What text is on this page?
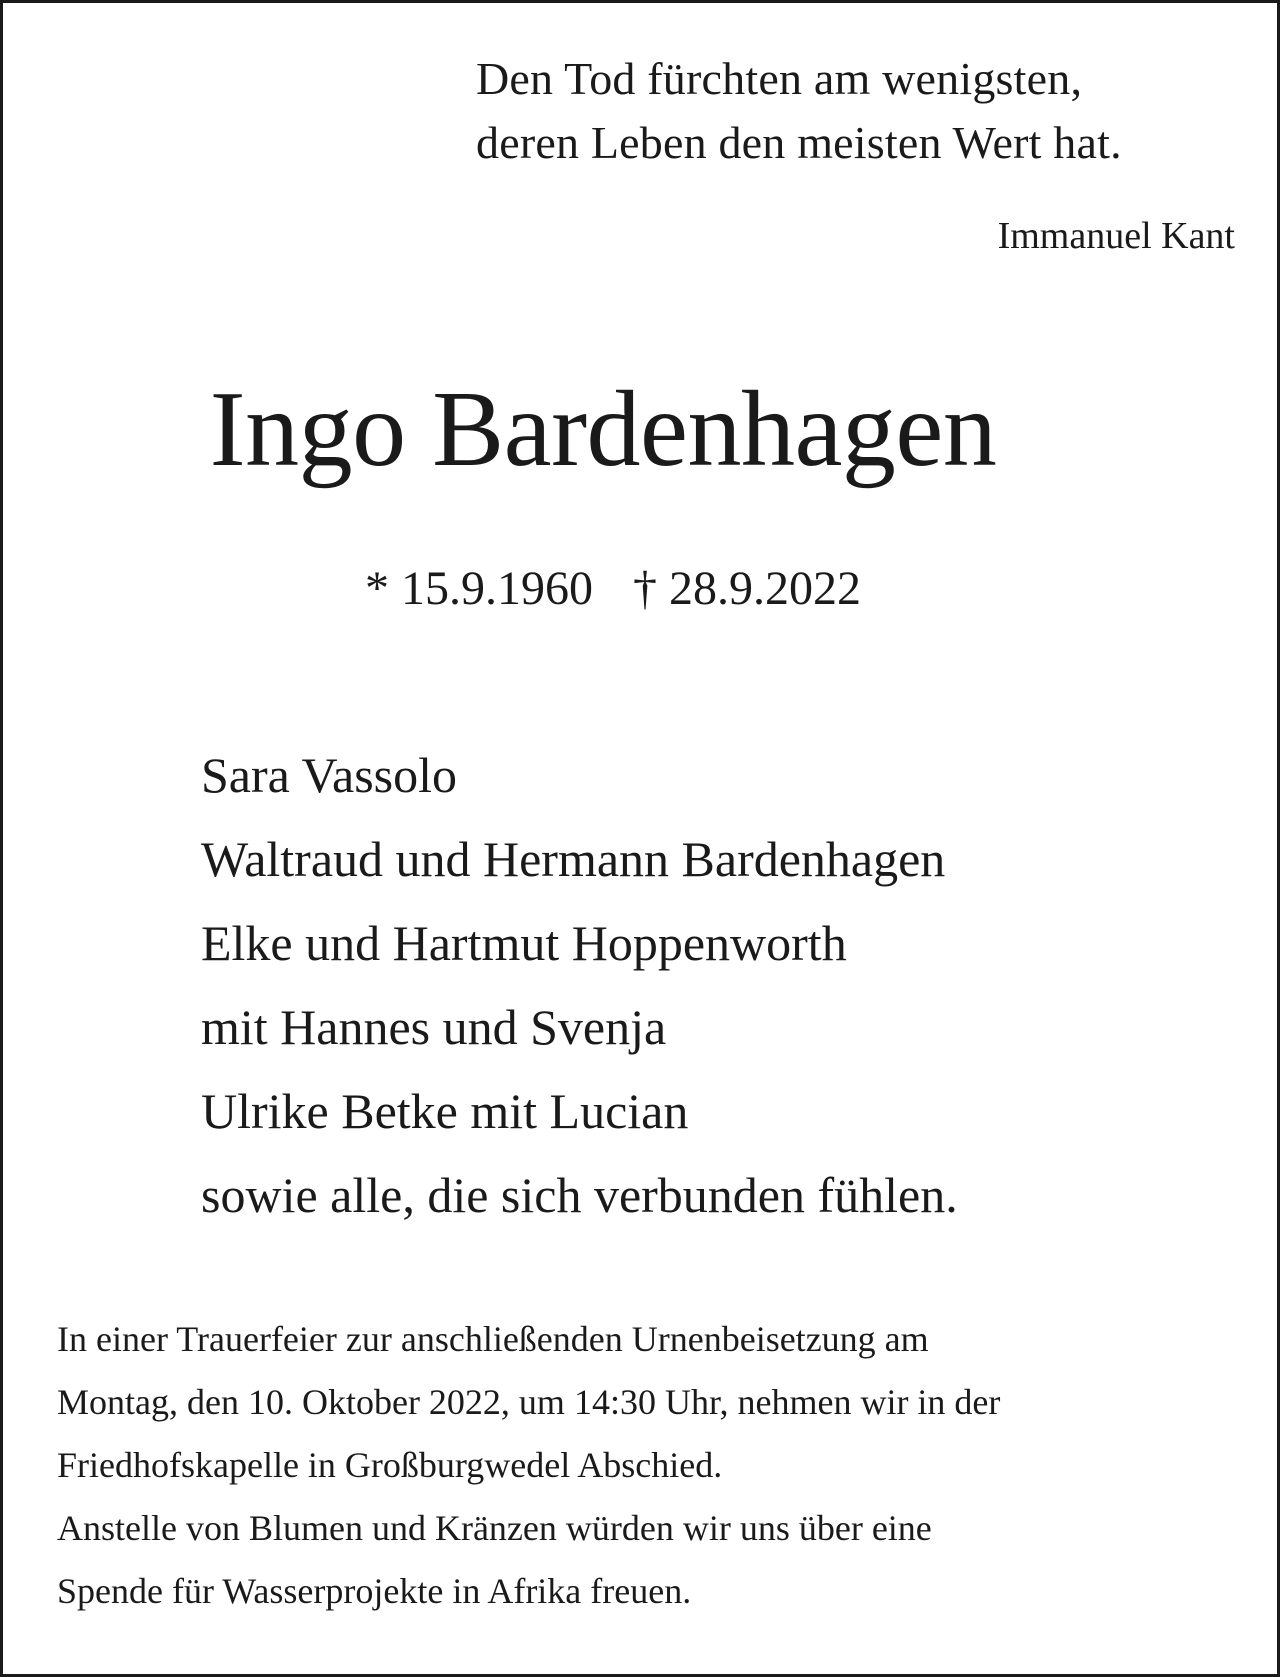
Den Tod fürchten am wenigsten,
deren Leben den meisten Wert hat.
Immanuel Kant
Ingo Bardenhagen
* 15.9.1960 † 28.9.2022
Sara Vassolo
Waltraud und Hermann Bardenhagen
Elke und Hartmut Hoppenworth
mit Hannes und Svenja
Ulrike Betke mit Lucian
sowie alle, die sich verbunden fühlen.
In einer Trauerfeier zur anschließenden Urnenbeisetzung am
Montag, den 10. Oktober 2022, um 14:30 Uhr, nehmen wir in der
Friedhofskapelle in Großburgwedel Abschied.
Anstelle von Blumen und Kränzen würden wir uns über eine
Spende für Wasserprojekte in Afrika freuen.
